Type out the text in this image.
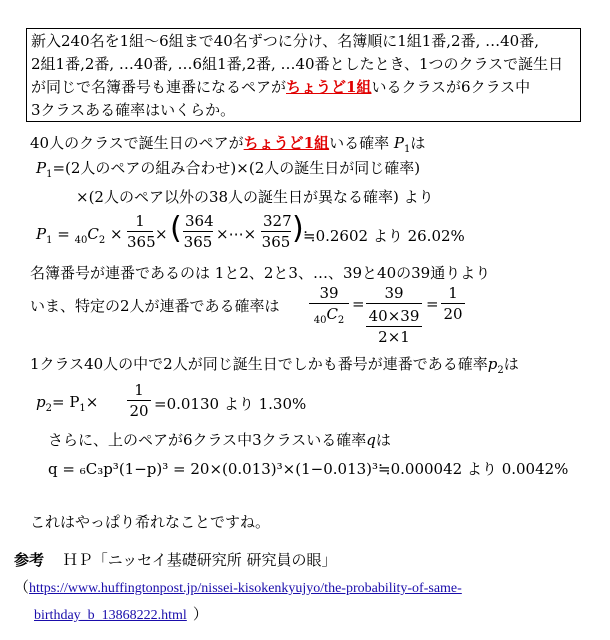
新入240名を1組〜6組まで40名ずつに分け、名簿順に1組1番,2番, …40番,
2組1番,2番, …40番, …6組1番,2番, …40番としたとき、1つのクラスで誕生日
が同じで名簿番号も連番になるペアがちょうど1組いるクラスが6クラス中
3クラスある確率はいくらか。
40人のクラスで誕生日のペアがちょうど1組いる確率 $P_1$は
$P_1=(2$人のペアの組み合わせ)×(2人の誕生日が同じ確率)
×(2人のペア以外の38人の誕生日が異なる確率) より
$P_1 = _{40}C_2 \times \frac{1}{365}$ × ( $\frac{364}{365}$ ×⋯× $\frac{327}{365}$ ) ≒0.2602 より 26.02%
名簿番号が連番であるのは 1と2、2と3、…、39と40の39通りより
いま、特定の2人が連番である確率は $\frac{39}{_{40}C_2}$ =
39
40×39
2×1
= $\frac{1}{20}$
1クラス40人の中で2人が同じ誕生日でしかも番号が連番である確率$p_2$は
$p_2= P_1\times \frac{1}{20} =0.0130$ より 1.30%
さらに、上のペアが6クラス中3クラスいる確率qは
q = ₆C₃p³(1−p)³ = 20×(0.013)³×(1−0.013)³≒0.000042 より 0.0042%
これはやっぱり希れなことですね。
参考 ＨＰ「ニッセイ基礎研究所 研究員の眼」
（https://www.huffingtonpost.jp/nissei-kisokenkyujyo/the-probability-of-same-
birthday_b_13868222.html ）
